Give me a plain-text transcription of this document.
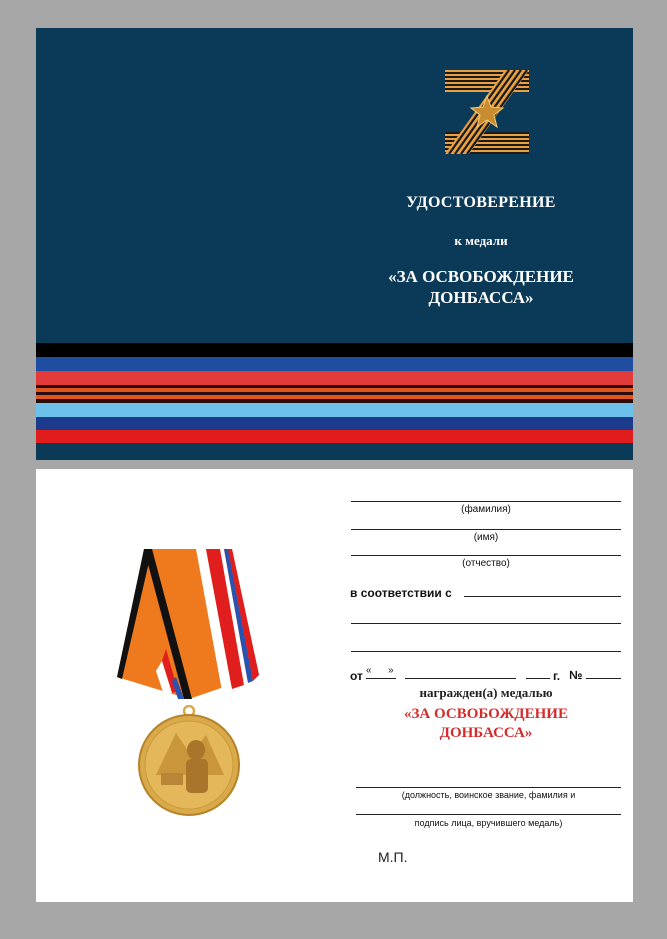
УДОСТОВЕРЕНИЕ
к медали
«ЗА ОСВОБОЖДЕНИЕ
ДОНБАССА»
(фамилия)
(имя)
(отчество)
в соответствии с
от « »	г. №
награжден(а) медалью
«ЗА ОСВОБОЖДЕНИЕ
ДОНБАССА»
(должность, воинское звание, фамилия и
подпись лица, вручившего медаль)
М.П.
